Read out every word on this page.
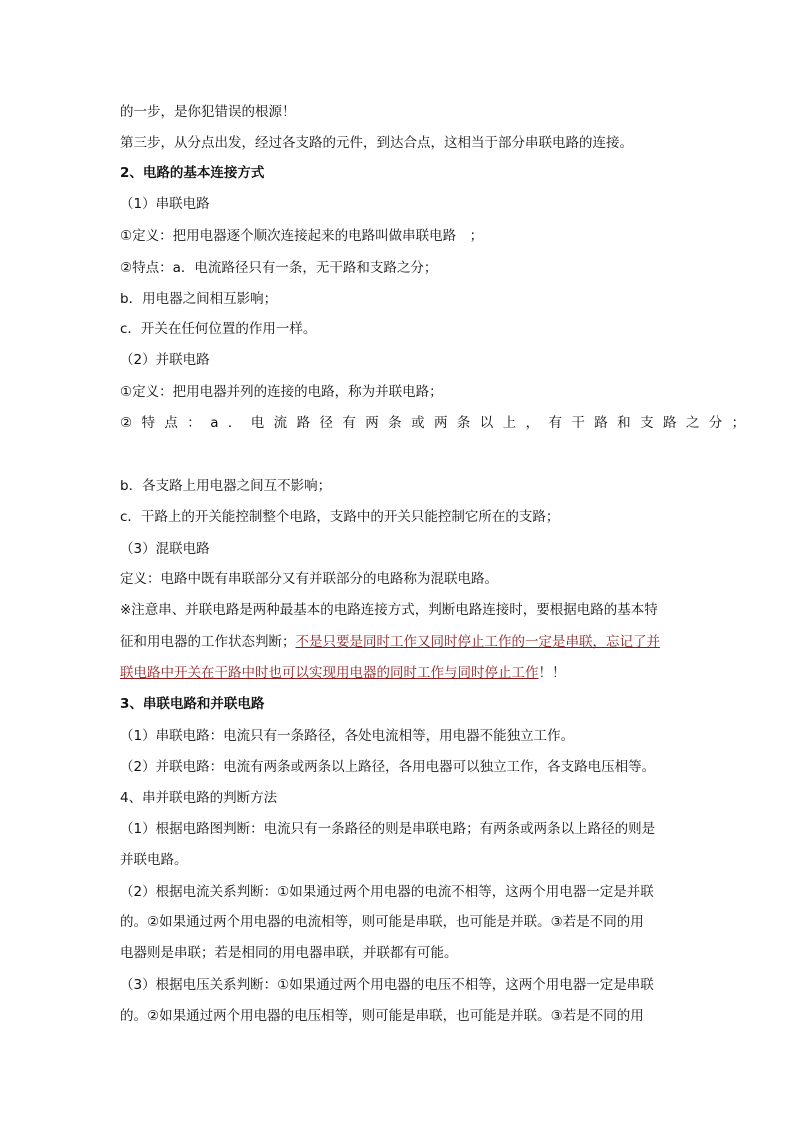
的一步，是你犯错误的根源！
第三步，从分点出发，经过各支路的元件，到达合点，这相当于部分串联电路的连接。
2、电路的基本连接方式
（1）串联电路
①定义：把用电器逐个顺次连接起来的电路叫做串联电路　；
②特点：a．电流路径只有一条，无干路和支路之分；
b．用电器之间相互影响；
c．开关在任何位置的作用一样。
（2）并联电路
①定义：把用电器并列的连接的电路，称为并联电路；
②特点：a．电流路径有两条或两条以上，有干路和支路之分；
b．各支路上用电器之间互不影响；
c．干路上的开关能控制整个电路，支路中的开关只能控制它所在的支路；
（3）混联电路
定义：电路中既有串联部分又有并联部分的电路称为混联电路。
※注意串、并联电路是两种最基本的电路连接方式，判断电路连接时，要根据电路的基本特
征和用电器的工作状态判断；不是只要是同时工作又同时停止工作的一定是串联，忘记了并
联电路中开关在干路中时也可以实现用电器的同时工作与同时停止工作！！
3、串联电路和并联电路
（1）串联电路：电流只有一条路径，各处电流相等，用电器不能独立工作。
（2）并联电路：电流有两条或两条以上路径，各用电器可以独立工作，各支路电压相等。
4、串并联电路的判断方法
（1）根据电路图判断：电流只有一条路径的则是串联电路；有两条或两条以上路径的则是
并联电路。
（2）根据电流关系判断：①如果通过两个用电器的电流不相等，这两个用电器一定是并联
的。②如果通过两个用电器的电流相等，则可能是串联，也可能是并联。③若是不同的用
电器则是串联；若是相同的用电器串联，并联都有可能。
（3）根据电压关系判断：①如果通过两个用电器的电压不相等，这两个用电器一定是串联
的。②如果通过两个用电器的电压相等，则可能是串联，也可能是并联。③若是不同的用
